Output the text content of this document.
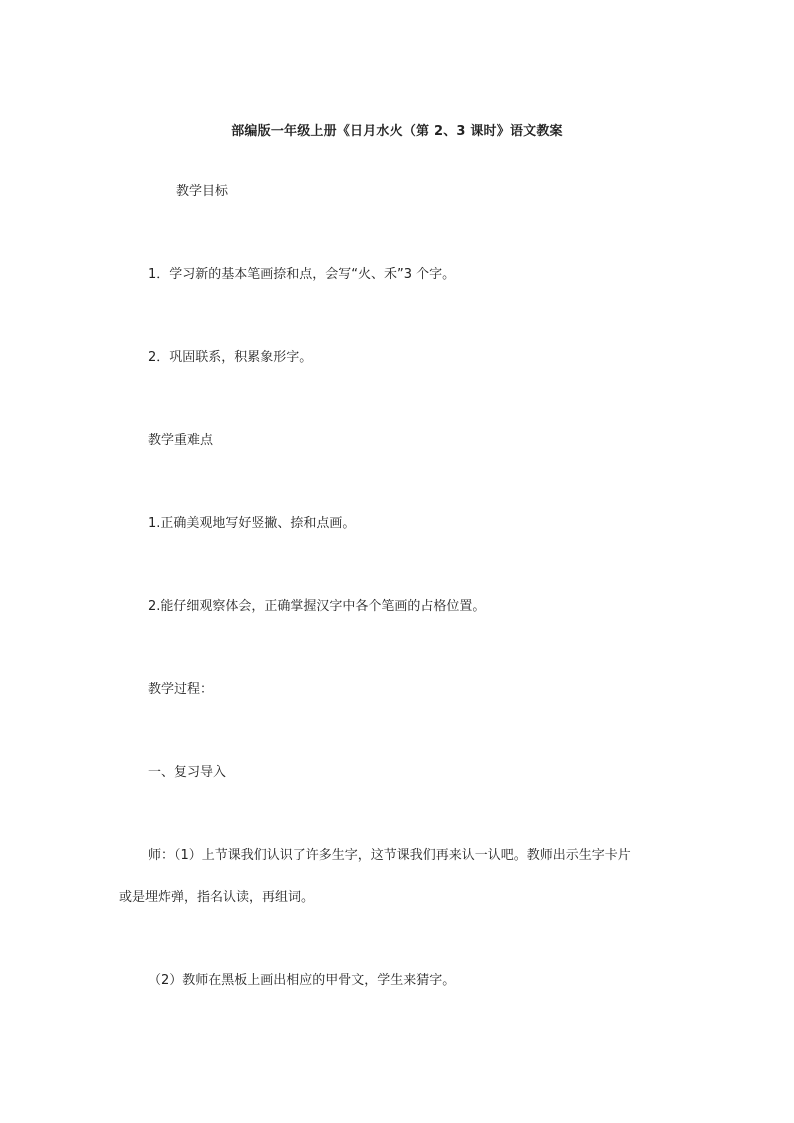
部编版一年级上册《日月水火（第 2、3 课时》语文教案
教学目标
1．学习新的基本笔画捺和点，会写“火、禾”3 个字。
2．巩固联系，积累象形字。
教学重难点
1.正确美观地写好竖撇、捺和点画。
2.能仔细观察体会，正确掌握汉字中各个笔画的占格位置。
教学过程：
一、复习导入
师：（1）上节课我们认识了许多生字，这节课我们再来认一认吧。教师出示生字卡片
或是埋炸弹，指名认读，再组词。
（2）教师在黑板上画出相应的甲骨文，学生来猜字。
